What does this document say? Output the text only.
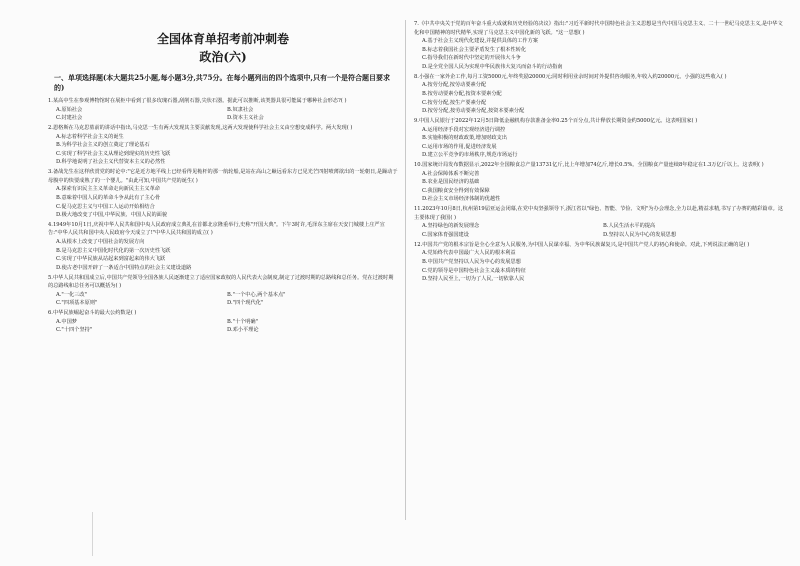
全国体育单招考前冲刺卷
政治(六)
一、单项选择题(本大题共25小题,每小题3分,共75分。在每小题列出的四个选项中,只有一个是符合题目要求的)
1.某高中生在参观博物馆时在展柜中看到了很多玫瑰石器,刮削石器,尖状石器。据此可以推断,该类器具很可能属于哪种社会形态?( )
A.原始社会	B.奴隶社会
C.封建社会	D.资本主义社会
2.恩格斯在马克思墓前的讲话中指出,马克思一生有两大发现其主要贡献发现,这两大发现使科学社会主义由空想变成科学。两大发现( )
A.标志着科学社会主义的诞生
B.为科学社会主义的创立奠定了理论基石
C.实现了科学社会主义从理论到现实的历史性飞跃
D.科学地说明了社会主义代替资本主义的必然性
3.备战先生在这样欣赏党的时论中:"它是近方地平线上已经看得见桅杆的那一航轮船,是站在高山之巅远看东方已见光芒四射喷薄欲出的一轮朝日,是躁动于母腹中的快要成熟了的一个婴儿。"由此可知,中国共产党的诞生( )
A.探索有识民主主义革命走向新民主主义革命
B.意味着中国人民的革命斗争从此有了主心骨
C.促马克思主义与中国工人运动开始相结合
D.极大地改变了中国,中华民族、中国人民的面貌
4.1949年10月1日,庆祝中华人民共和国中央人民政府成立典礼在首都北京隆重举行,史称"开国大典"。下午3时许,毛泽东主席在天安门城楼上庄严宣告:"中华人民共和国中央人民政府今天成立了!"中华人民共和国的成立( )
A.从根本上改变了中国社会的发展方向
B.是马克思主义中国化时代化的第一次历史性飞跃
C.实现了中华民族从站起来到富起来的伟大飞跃
D.使古老中国开辟了一条适合中国特点的社会主义建设道路
5.中华人民共和国成立后,中国共产党领导全国各族人民逐渐建立了适应国家政权的人民代表大会制度,制定了过渡时期的总路线和总任务。党在过渡时期的总路线和总任务可以概括为( )
A."一化三改"	B."一个中心,两个基本点"
C."四项基本原则"	D."四个现代化"
6.中华民族崛起奋斗的最大公约数是( )
A.中国梦	B."十个明确"
C."十四个坚持"	D.邓小平理论
7.《中共中央关于党的百年奋斗重大成就和历史经验的决议》指出:"习近平新时代中国特色社会主义思想是当代中国马克思主义、二十一世纪马克思主义,是中华文化和中国精神的时代精华,实现了马克思主义中国化新的飞跃。"这一思想( )
A.基于社会主义现代化建设,并提供具体的工作方案
B.标志着我国社会主要矛盾发生了根本性转化
C.指导我们在新时代中坚定的开展伟大斗争
D.是全党全国人民为实现中华民族伟大复兴而奋斗的行动指南
8.小强在一家外企工作,每月工资5000元,年终奖励20000元;同时利用业余时间对外提供咨询服务,年收入约20000元。小强的这些收入( )
A.按劳分配,按劳动要素分配
B.按劳动要素分配,按资本要素分配
C.按劳分配,按生产要素分配
D.按劳分配,按劳动要素分配,按资本要素分配
9.中国人民银行于2022年12月5日降低金融机构存款准备金率0.25个百分点,共计释放长期资金约5000亿元。这表明国家( )
A.运用经济手段对宏观经济进行调控
B.实施积极的财政政策,增加财政支出
C.运用市场的作用,促进经济发展
D.建立公平竞争的市场秩序,规范市场运行
10.国家统计局发布数据显示,2022年全国粮食总产量13731亿斤,比上年增加74亿斤,增长0.5%。全国粮食产量连续8年稳定在1.3万亿斤以上。这表明( )
A.社会保障体系不断完善
B.农业是国民经济的基础
C.我国粮食安全得到有效保障
D.社会主义市场经济体制的优越性
11.2023年10月8日,杭州第19届亚运会闭幕,在党中央坚强领导下,浙江省以"绿色、智能、节俭、文明"为办会理念,全力以赴,精益求精,书写了办赛的精彩篇章。这主要体现了我国( )
A.坚持绿色的新发展理念	B.人民生活水平的提高
C.国家体育强国建设	D.坚持以人民为中心的发展思想
12.中国共产党的根本宗旨是全心全意为人民服务,为中国人民谋幸福、为中华民族谋复兴,是中国共产党人的初心和使命。对此,下列说法正确的是( )
A.党始终代表中国最广大人民的根本利益
B.中国共产党坚持以人民为中心的发展思想
C.党的领导是中国特色社会主义最本质的特征
D.坚持人民至上,一切为了人民,一切依靠人民
